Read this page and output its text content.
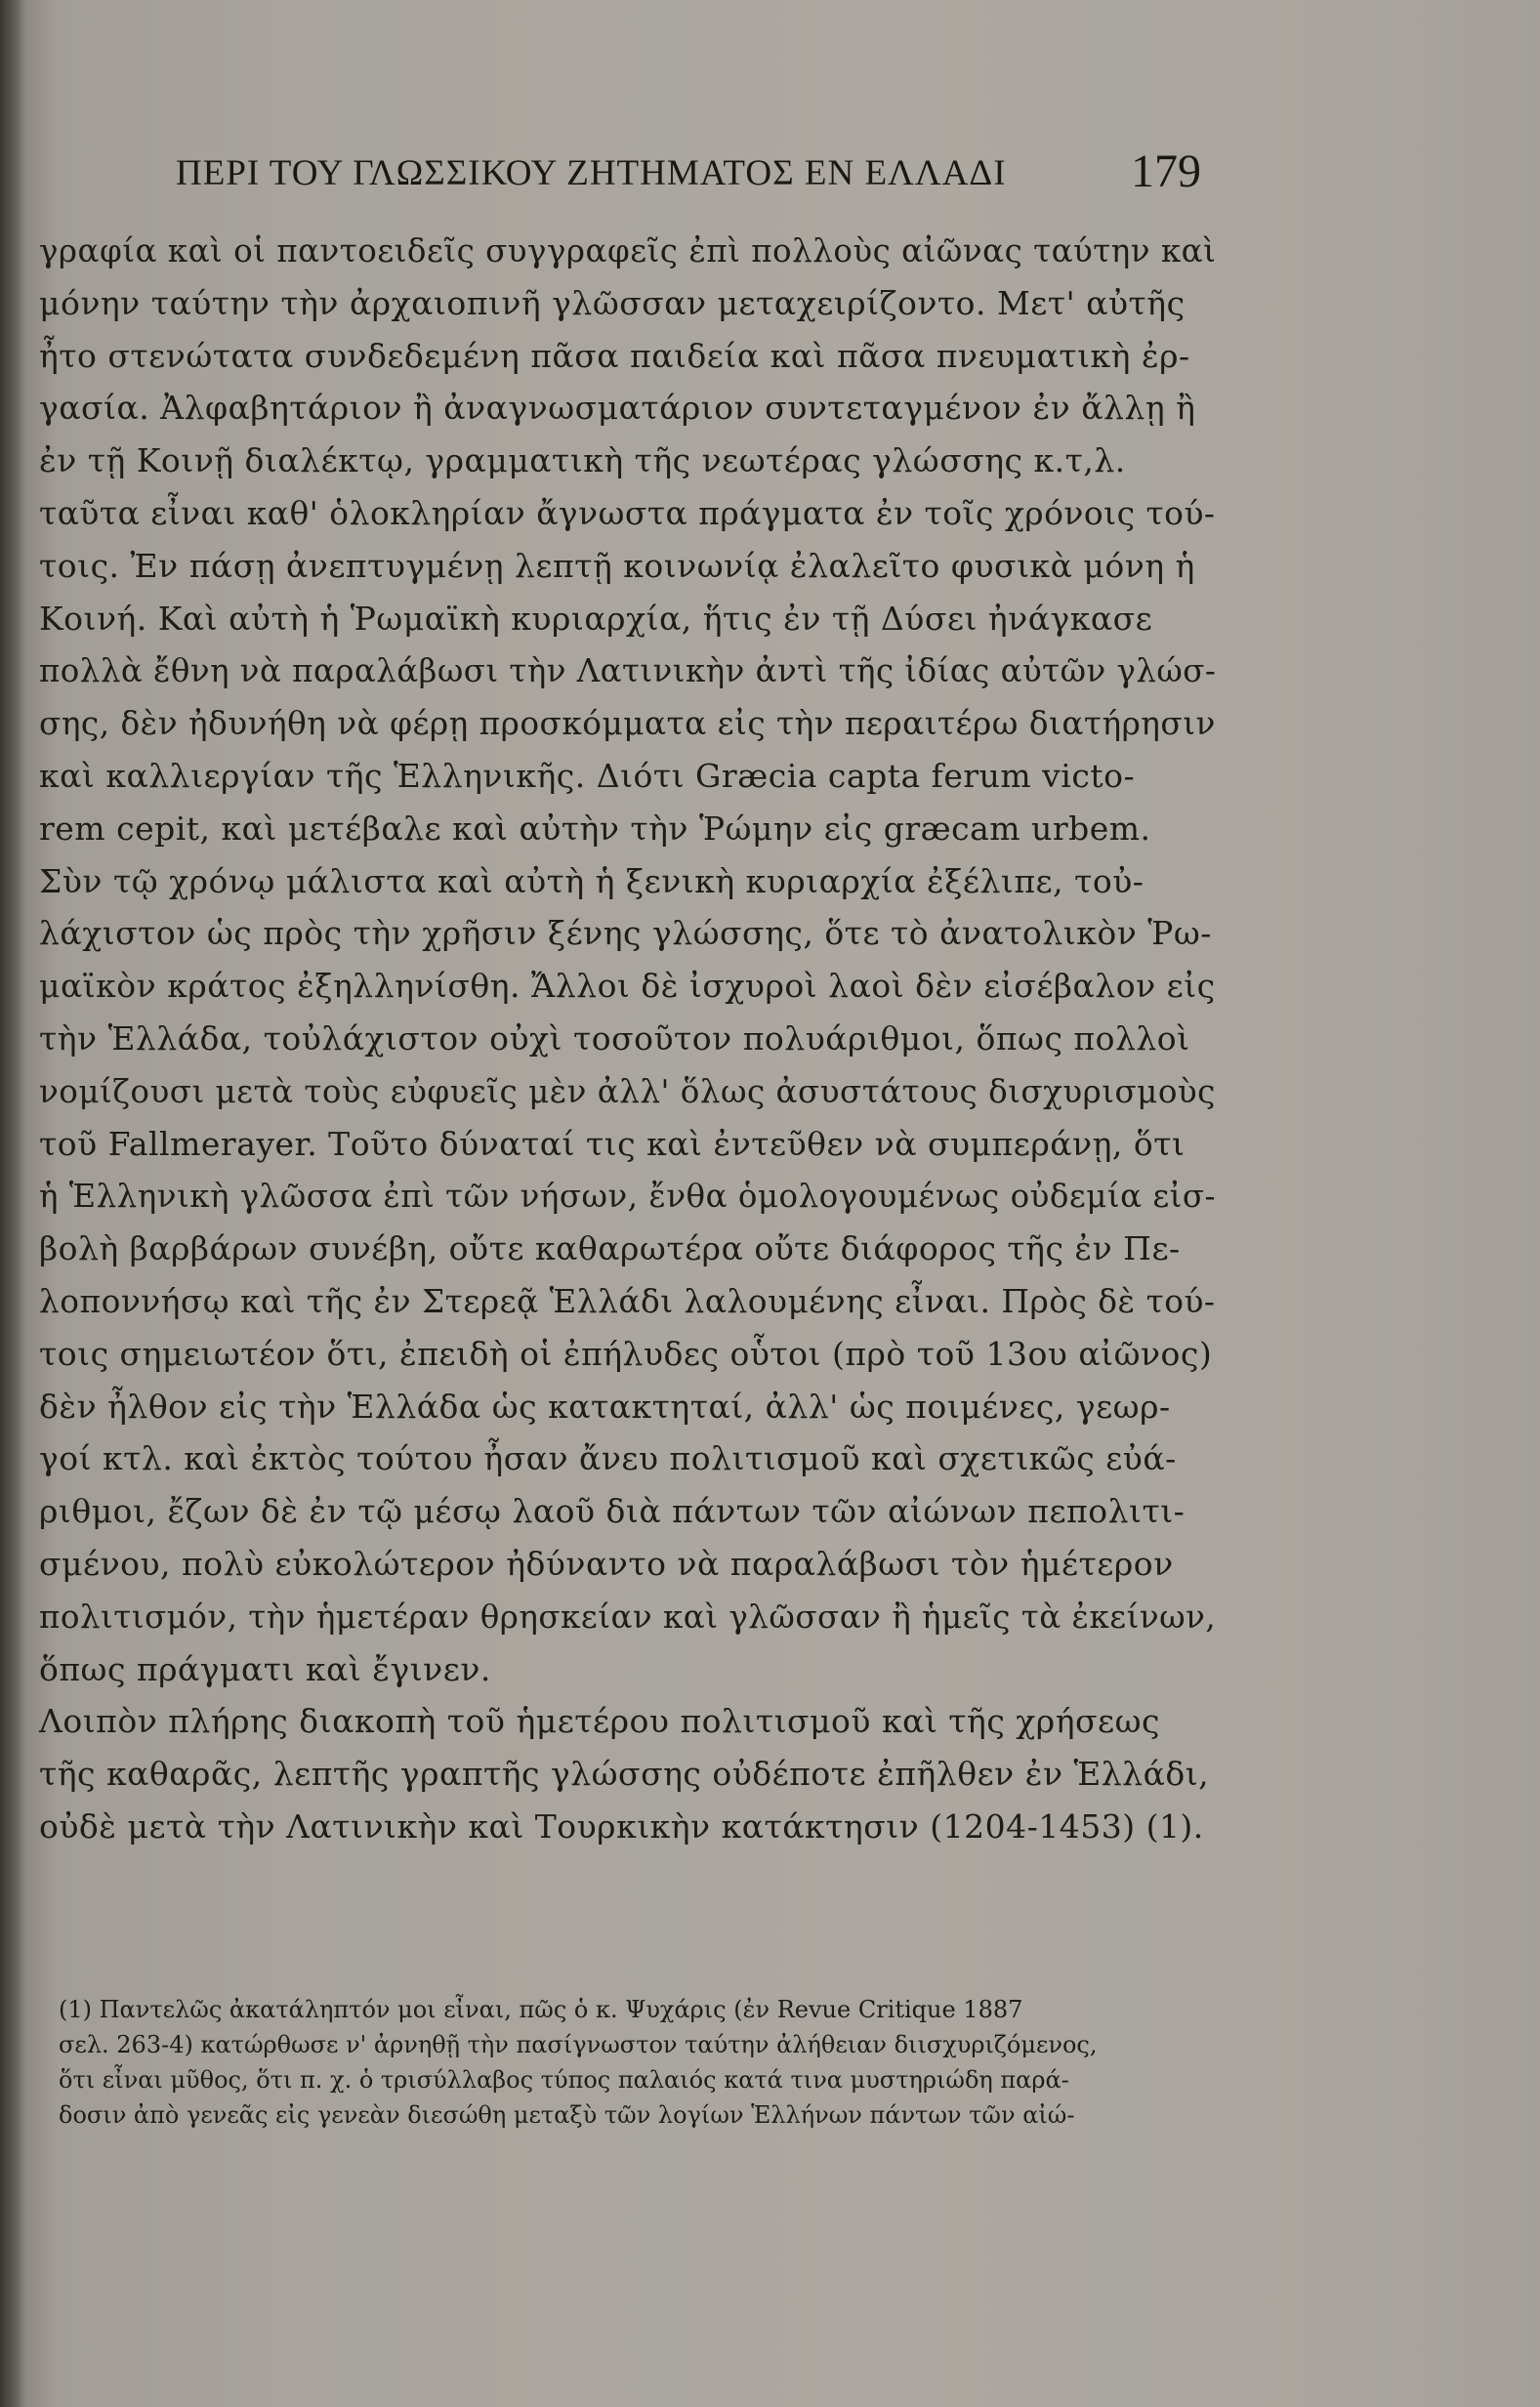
ΠΕΡΙ ΤΟΥ ΓΛΩΣΣΙΚΟΥ ΖΗΤΗΜΑΤΟΣ ΕΝ ΕΛΛΑΔΙ	179
γραφία καὶ οἱ παντοειδεῖς συγγραφεῖς ἐπὶ πολλοὺς αἰῶνας ταύτην καὶ
μόνην ταύτην τὴν ἀρχαιοπινῆ γλῶσσαν μεταχειρίζοντο. Μετ' αὐτῆς
ἦτο στενώτατα συνδεδεμένη πᾶσα παιδεία καὶ πᾶσα πνευματικὴ ἐρ-
γασία. Ἀλφαβητάριον ἢ ἀναγνωσματάριον συντεταγμένον ἐν ἄλλῃ ἢ
ἐν τῇ Κοινῇ διαλέκτῳ, γραμματικὴ τῆς νεωτέρας γλώσσης κ.τ,λ.
ταῦτα εἶναι καθ' ὁλοκληρίαν ἄγνωστα πράγματα ἐν τοῖς χρόνοις τού-
τοις. Ἐν πάσῃ ἀνεπτυγμένῃ λεπτῇ κοινωνίᾳ ἐλαλεῖτο φυσικὰ μόνη ἡ
Κοινή. Καὶ αὐτὴ ἡ Ῥωμαϊκὴ κυριαρχία, ἥτις ἐν τῇ Δύσει ἠνάγκασε
πολλὰ ἔθνη νὰ παραλάβωσι τὴν Λατινικὴν ἀντὶ τῆς ἰδίας αὐτῶν γλώσ-
σης, δὲν ἠδυνήθη νὰ φέρῃ προσκόμματα εἰς τὴν περαιτέρω διατήρησιν
καὶ καλλιεργίαν τῆς Ἑλληνικῆς. Διότι Græcia capta ferum victo-
rem cepit, καὶ μετέβαλε καὶ αὐτὴν τὴν Ῥώμην εἰς græcam urbem.
Σὺν τῷ χρόνῳ μάλιστα καὶ αὐτὴ ἡ ξενικὴ κυριαρχία ἐξέλιπε, τοὐ-
λάχιστον ὡς πρὸς τὴν χρῆσιν ξένης γλώσσης, ὅτε τὸ ἀνατολικὸν Ῥω-
μαϊκὸν κράτος ἐξηλληνίσθη. Ἄλλοι δὲ ἰσχυροὶ λαοὶ δὲν εἰσέβαλον εἰς
τὴν Ἑλλάδα, τοὐλάχιστον οὐχὶ τοσοῦτον πολυάριθμοι, ὅπως πολλοὶ
νομίζουσι μετὰ τοὺς εὐφυεῖς μὲν ἀλλ' ὅλως ἀσυστάτους δισχυρισμοὺς
τοῦ Fallmerayer. Τοῦτο δύναταί τις καὶ ἐντεῦθεν νὰ συμπεράνῃ, ὅτι
ἡ Ἑλληνικὴ γλῶσσα ἐπὶ τῶν νήσων, ἔνθα ὁμολογουμένως οὐδεμία εἰσ-
βολὴ βαρβάρων συνέβη, οὔτε καθαρωτέρα οὔτε διάφορος τῆς ἐν Πε-
λοποννήσῳ καὶ τῆς ἐν Στερεᾷ Ἑλλάδι λαλουμένης εἶναι. Πρὸς δὲ τού-
τοις σημειωτέον ὅτι, ἐπειδὴ οἱ ἐπήλυδες οὗτοι (πρὸ τοῦ 13ου αἰῶνος)
δὲν ἦλθον εἰς τὴν Ἑλλάδα ὡς κατακτηταί, ἀλλ' ὡς ποιμένες, γεωρ-
γοί κτλ. καὶ ἐκτὸς τούτου ἦσαν ἄνευ πολιτισμοῦ καὶ σχετικῶς εὐά-
ριθμοι, ἔζων δὲ ἐν τῷ μέσῳ λαοῦ διὰ πάντων τῶν αἰώνων πεπολιτι-
σμένου, πολὺ εὐκολώτερον ἠδύναντο νὰ παραλάβωσι τὸν ἡμέτερον
πολιτισμόν, τὴν ἡμετέραν θρησκείαν καὶ γλῶσσαν ἢ ἡμεῖς τὰ ἐκείνων,
ὅπως πράγματι καὶ ἔγινεν.
Λοιπὸν πλήρης διακοπὴ τοῦ ἡμετέρου πολιτισμοῦ καὶ τῆς χρήσεως
τῆς καθαρᾶς, λεπτῆς γραπτῆς γλώσσης οὐδέποτε ἐπῆλθεν ἐν Ἑλλάδι,
οὐδὲ μετὰ τὴν Λατινικὴν καὶ Τουρκικὴν κατάκτησιν (1204-1453) (1).
(1) Παντελῶς ἀκατάληπτόν μοι εἶναι, πῶς ὁ κ. Ψυχάρις (ἐν Revue Critique 1887
σελ. 263-4) κατώρθωσε ν' ἀρνηθῇ τὴν πασίγνωστον ταύτην ἀλήθειαν διισχυριζόμενος,
ὅτι εἶναι μῦθος, ὅτι π. χ. ὁ τρισύλλαβος τύπος παλαιός κατά τινα μυστηριώδη παρά-
δοσιν ἀπὸ γενεᾶς εἰς γενεὰν διεσώθη μεταξὺ τῶν λογίων Ἑλλήνων πάντων τῶν αἰώ-
